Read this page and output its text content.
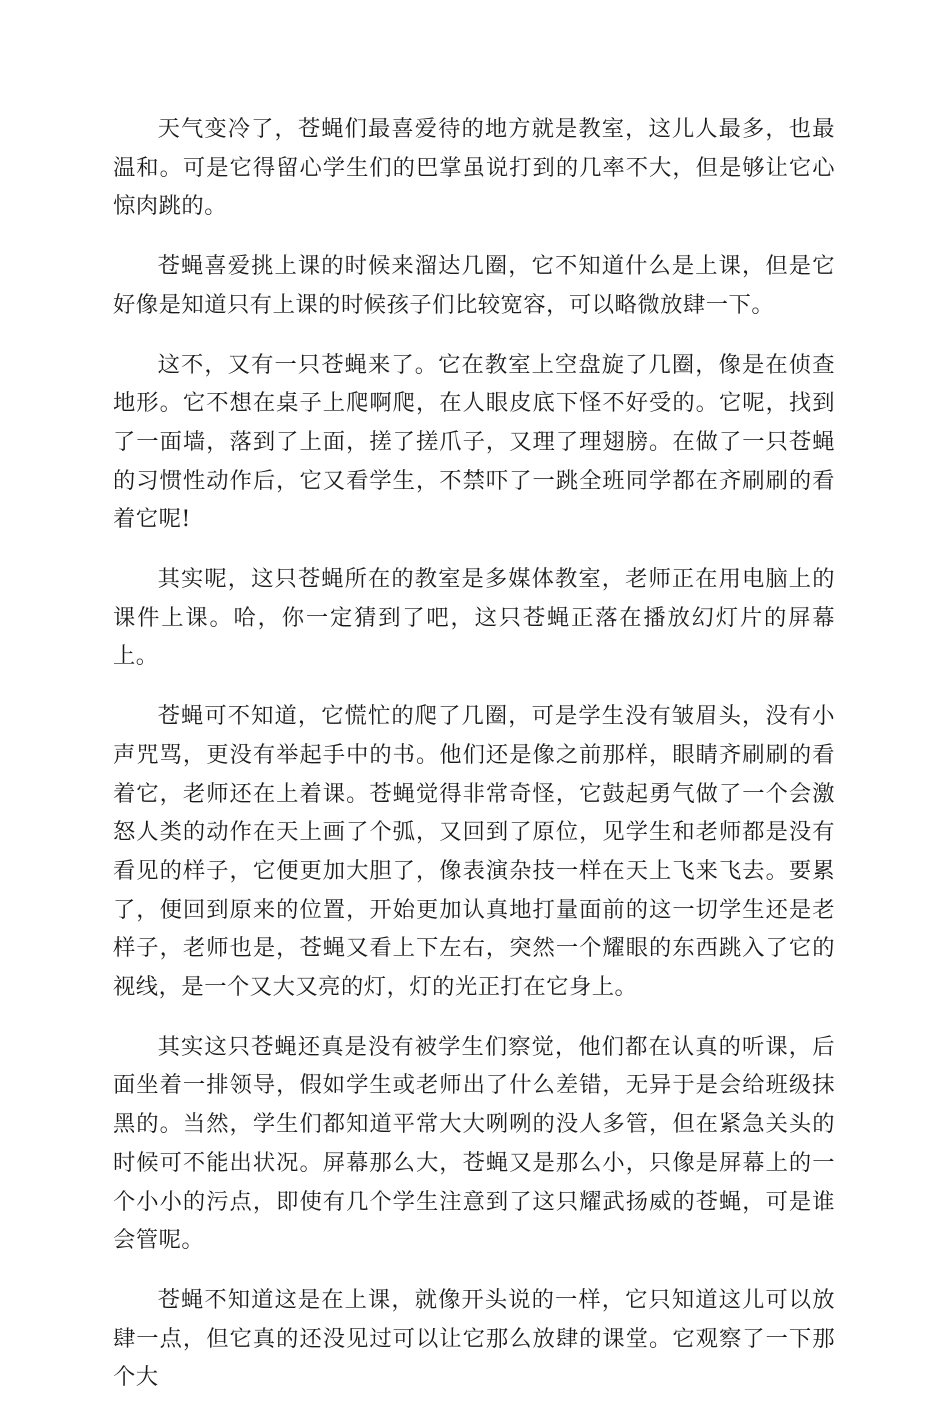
天气变冷了，苍蝇们最喜爱待的地方就是教室，这儿人最多，也最温和。可是它得留心学生们的巴掌虽说打到的几率不大，但是够让它心惊肉跳的。

苍蝇喜爱挑上课的时候来溜达几圈，它不知道什么是上课，但是它好像是知道只有上课的时候孩子们比较宽容，可以略微放肆一下。

这不，又有一只苍蝇来了。它在教室上空盘旋了几圈，像是在侦查地形。它不想在桌子上爬啊爬，在人眼皮底下怪不好受的。它呢，找到了一面墙，落到了上面，搓了搓爪子，又理了理翅膀。在做了一只苍蝇的习惯性动作后，它又看学生，不禁吓了一跳全班同学都在齐刷刷的看着它呢!

其实呢，这只苍蝇所在的教室是多媒体教室，老师正在用电脑上的课件上课。哈，你一定猜到了吧，这只苍蝇正落在播放幻灯片的屏幕上。

苍蝇可不知道，它慌忙的爬了几圈，可是学生没有皱眉头，没有小声咒骂，更没有举起手中的书。他们还是像之前那样，眼睛齐刷刷的看着它，老师还在上着课。苍蝇觉得非常奇怪，它鼓起勇气做了一个会激怒人类的动作在天上画了个弧，又回到了原位，见学生和老师都是没有看见的样子，它便更加大胆了，像表演杂技一样在天上飞来飞去。要累了，便回到原来的位置，开始更加认真地打量面前的这一切学生还是老样子，老师也是，苍蝇又看上下左右，突然一个耀眼的东西跳入了它的视线，是一个又大又亮的灯，灯的光正打在它身上。

其实这只苍蝇还真是没有被学生们察觉，他们都在认真的听课，后面坐着一排领导，假如学生或老师出了什么差错，无异于是会给班级抹黑的。当然，学生们都知道平常大大咧咧的没人多管，但在紧急关头的时候可不能出状况。屏幕那么大，苍蝇又是那么小，只像是屏幕上的一个小小的污点，即使有几个学生注意到了这只耀武扬威的苍蝇，可是谁会管呢。

苍蝇不知道这是在上课，就像开头说的一样，它只知道这儿可以放肆一点，但它真的还没见过可以让它那么放肆的课堂。它观察了一下那个大
